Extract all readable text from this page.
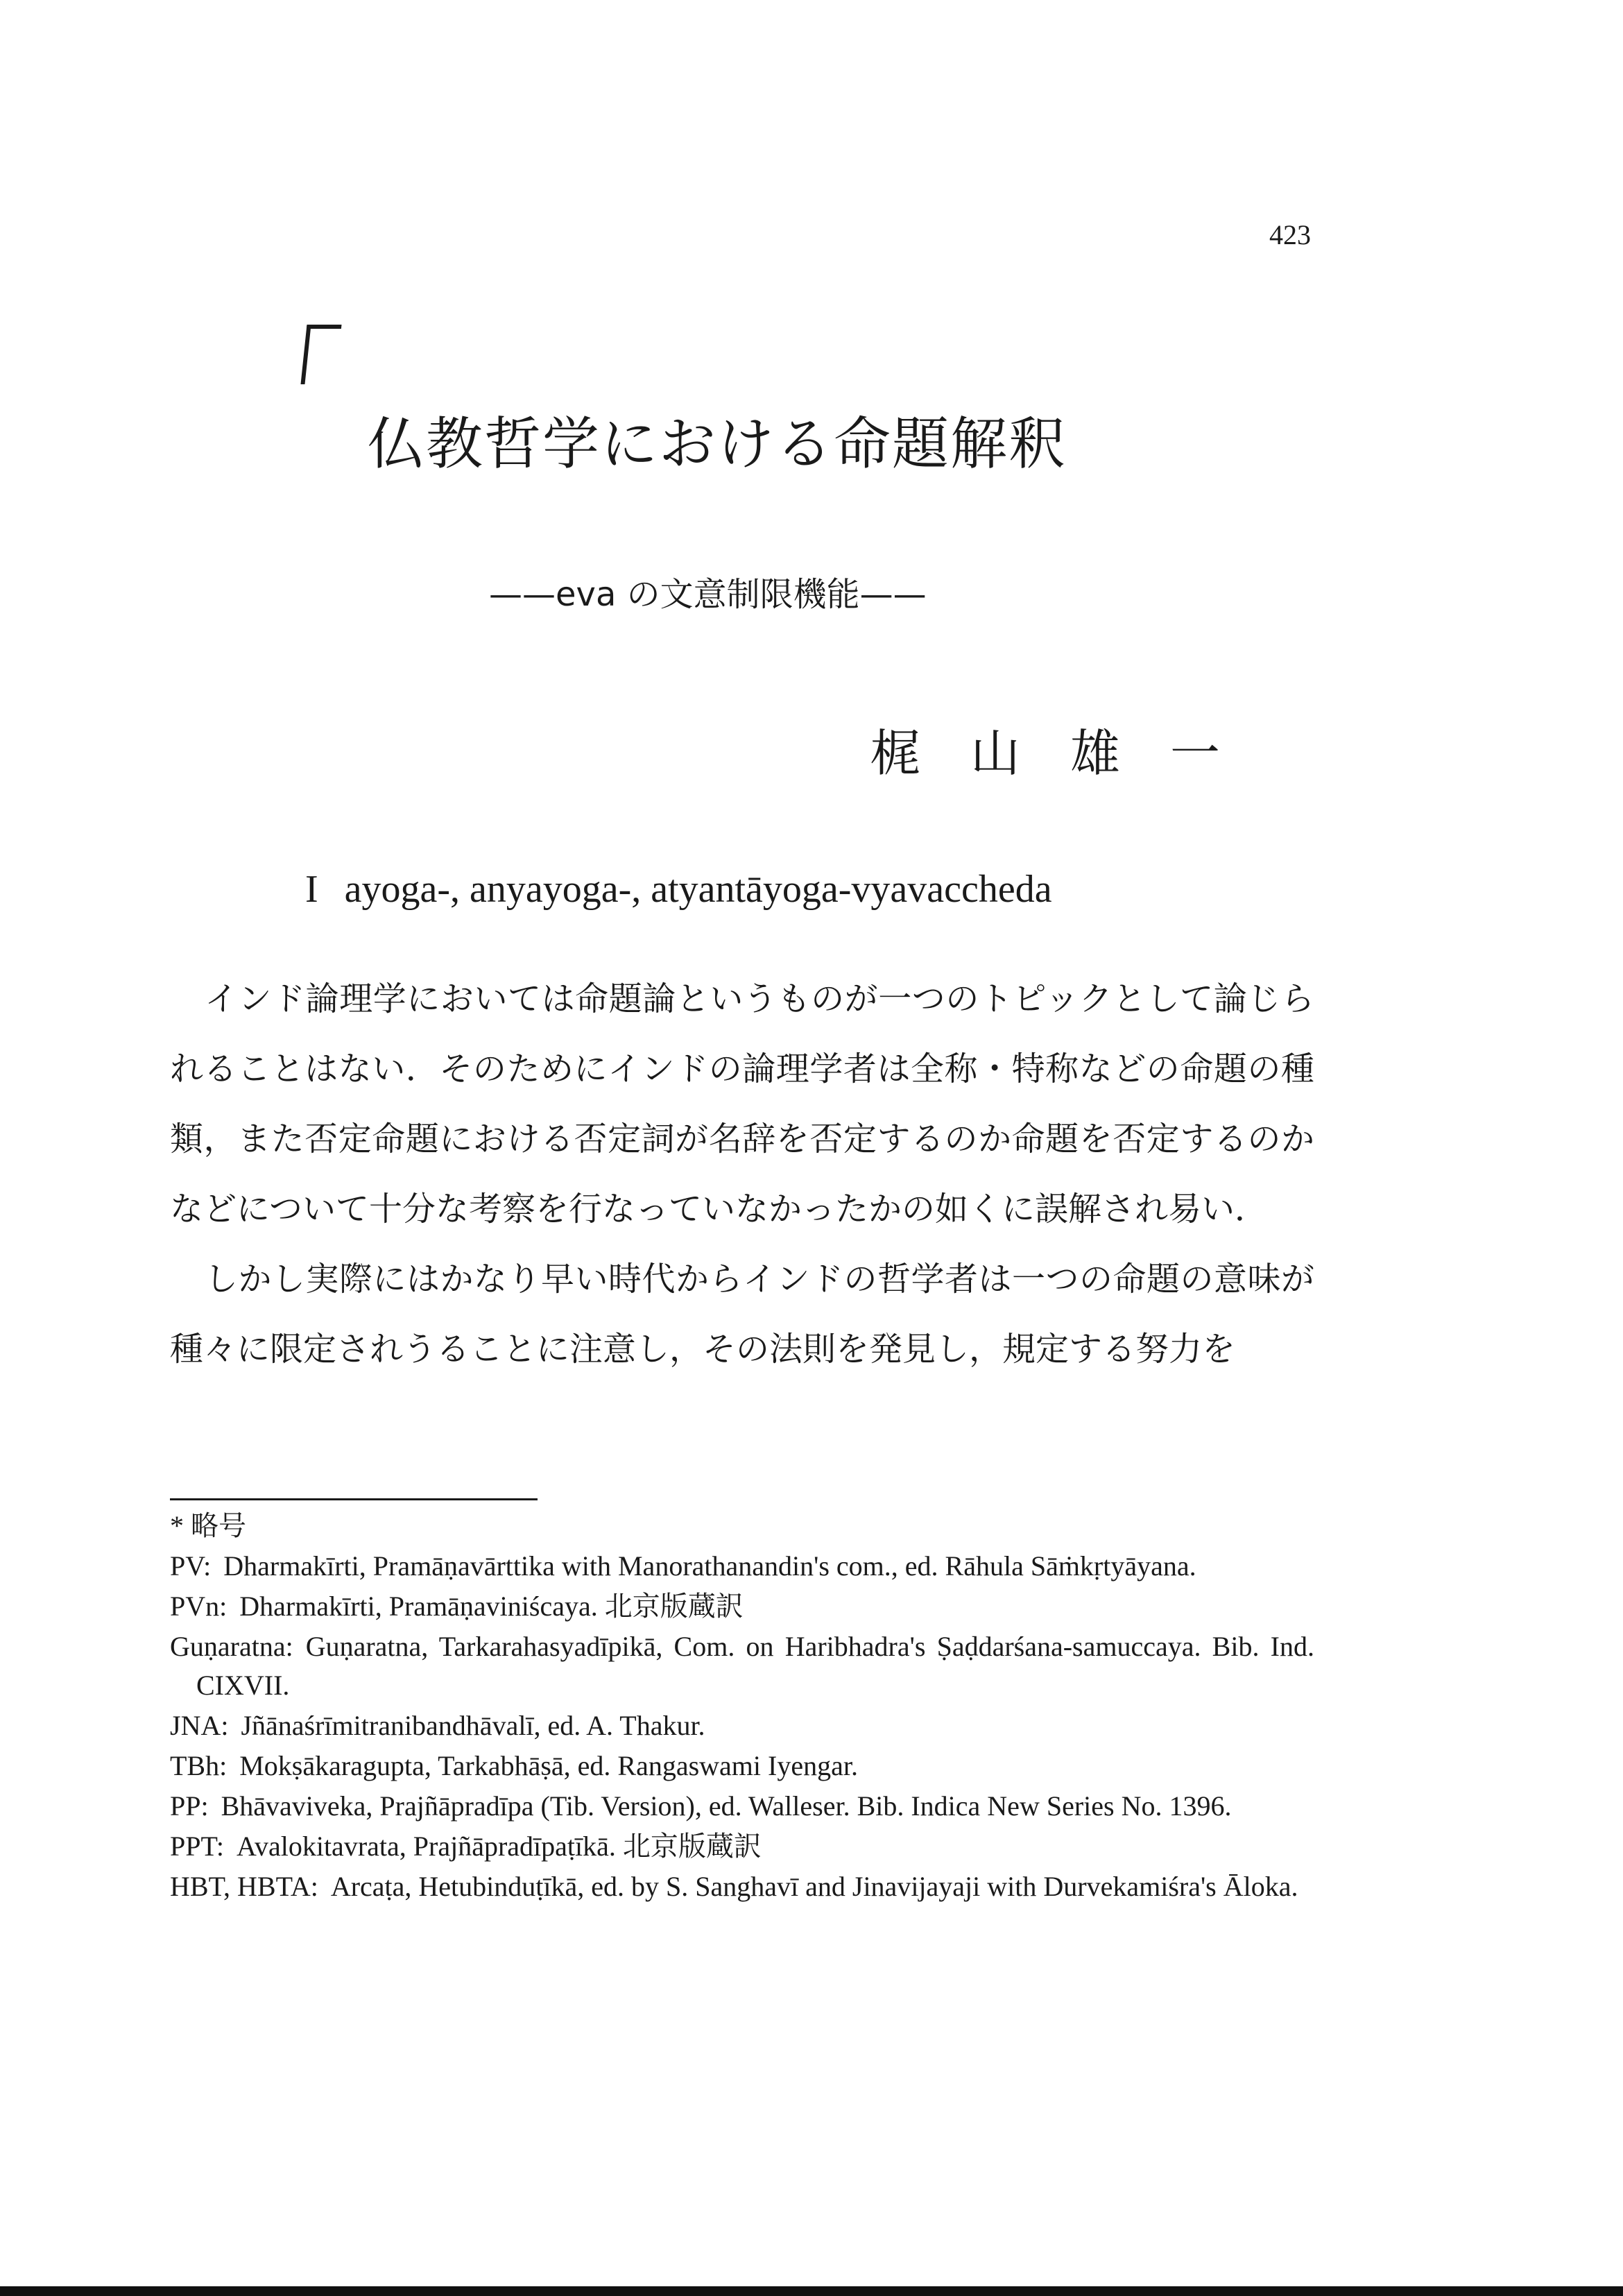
423
仏教哲学における命題解釈
——eva の文意制限機能——
梶山雄一
I ayoga-, anyayoga-, atyantāyoga-vyavaccheda

インド論理学においては命題論というものが一つのトピックとして論じられることはない．そのためにインドの論理学者は全称・特称などの命題の種類，また否定命題における否定詞が名辞を否定するのか命題を否定するのかなどについて十分な考察を行なっていなかったかの如くに誤解され易い．

しかし実際にはかなり早い時代からインドの哲学者は一つの命題の意味が種々に限定されうることに注意し，その法則を発見し，規定する努力を

* 略号

PV: Dharmakīrti, Pramāṇavārttika with Manorathanandin's com., ed. Rāhula Sāṁkṛtyāyana.

PVn: Dharmakīrti, Pramāṇaviniścaya. 北京版蔵訳

Guṇaratna: Guṇaratna, Tarkarahasyadīpikā, Com. on Haribhadra's Ṣaḍdarśana-samuccaya. Bib. Ind. CIXVII.

JNA: Jñānaśrīmitranibandhāvalī, ed. A. Thakur.

TBh: Mokṣākaragupta, Tarkabhāṣā, ed. Rangaswami Iyengar.

PP: Bhāvaviveka, Prajñāpradīpa (Tib. Version), ed. Walleser. Bib. Indica New Series No. 1396.

PPT: Avalokitavrata, Prajñāpradīpaṭīkā. 北京版蔵訳

HBT, HBTA: Arcaṭa, Hetubinduṭīkā, ed. by S. Sanghavī and Jinavijayaji with Durvekamiśra's Āloka.
